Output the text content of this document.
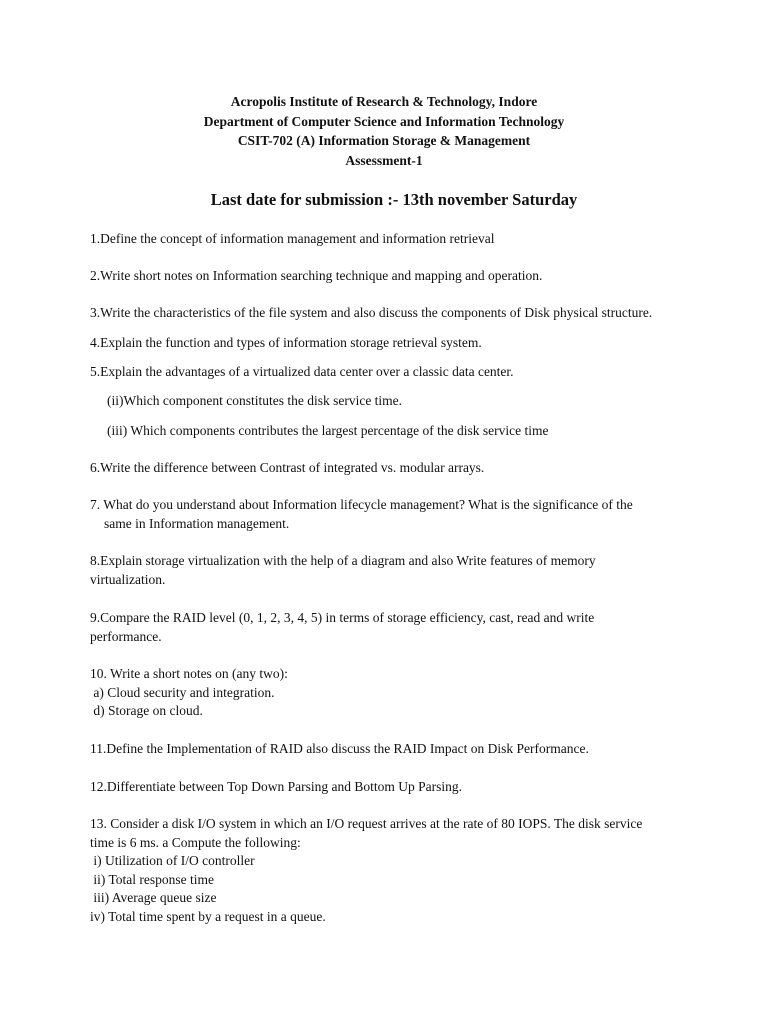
Acropolis Institute of Research & Technology, Indore
Department of Computer Science and Information Technology
CSIT-702 (A) Information Storage & Management
Assessment-1
Last date for submission :- 13th november Saturday
1.Define the concept of information management and information retrieval
2.Write short notes on Information searching technique and mapping and operation.
3.Write the characteristics of the file system and also discuss the components of Disk physical structure.
4.Explain the function and types of information storage retrieval system.
5.Explain the advantages of a virtualized data center over a classic data center.
(ii)Which component constitutes the disk service time.
(iii) Which components contributes the largest percentage of the disk service time
6.Write the difference between Contrast of integrated vs. modular arrays.
7. What do you understand about Information lifecycle management? What is the significance of the
same in Information management.
8.Explain storage virtualization with the help of a diagram and also Write features of memory
virtualization.
9.Compare the RAID level (0, 1, 2, 3, 4, 5) in terms of storage efficiency, cast, read and write
performance.
10. Write a short notes on (any two):
a) Cloud security and integration.
d) Storage on cloud.
11.Define the Implementation of RAID also discuss the RAID Impact on Disk Performance.
12.Differentiate between Top Down Parsing and Bottom Up Parsing.
13. Consider a disk I/O system in which an I/O request arrives at the rate of 80 IOPS. The disk service
time is 6 ms. a Compute the following:
i) Utilization of I/O controller
ii) Total response time
iii) Average queue size
iv) Total time spent by a request in a queue.
